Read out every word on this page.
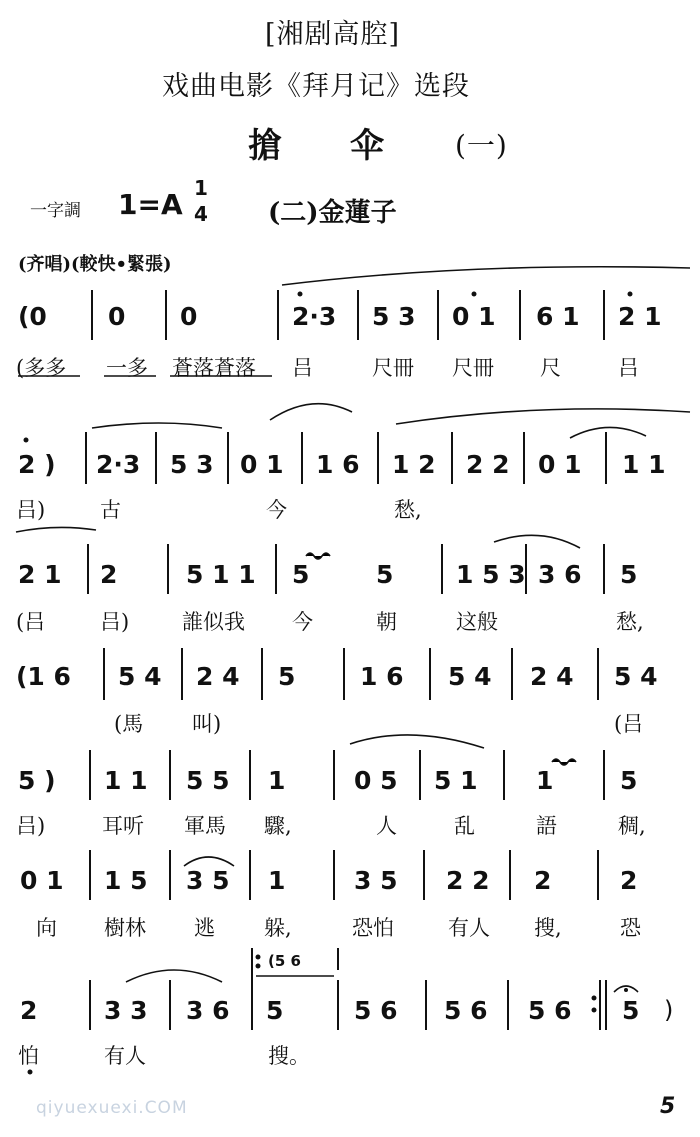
[湘剧高腔]
戏曲电影《拜月记》选段
搶　　伞	(一)
一字調 1=A 1
4 (二)金蓮子
(齐唱)(較快•緊張)
(0 0 0	2·3 5 3 0 1 6 1 2 1
(多多 一多 蒼落蒼落 吕	尺冊 尺冊 尺	吕
2 ) 2·3 5 3 0 1 1 6 1 2 2 2 0 1 1 1
吕)	古	今	愁,
2 1 2	5 1 1 5	5	1 5 3 3 6 5
(吕	吕)	誰似我 今	朝	这般	愁,
(1 6 5 4 2 4 5	1 6 5 4 2 4 5 4
(馬 叫)	(吕
5 ) 1 1 5 5 1	0 5 5 1 1	5
吕)	耳听 軍馬 驟,	人	乱	語	稠,
0 1 1 5 3 5 1	3 5 2 2 2	2
向 樹林 逃 躲,	恐怕	有人 搜,	恐
2	3 3 3 6 5	5 6 5 6 5 6 5
(5 6
怕	有人	搜。
qiyuexuexi.COM	5
)
